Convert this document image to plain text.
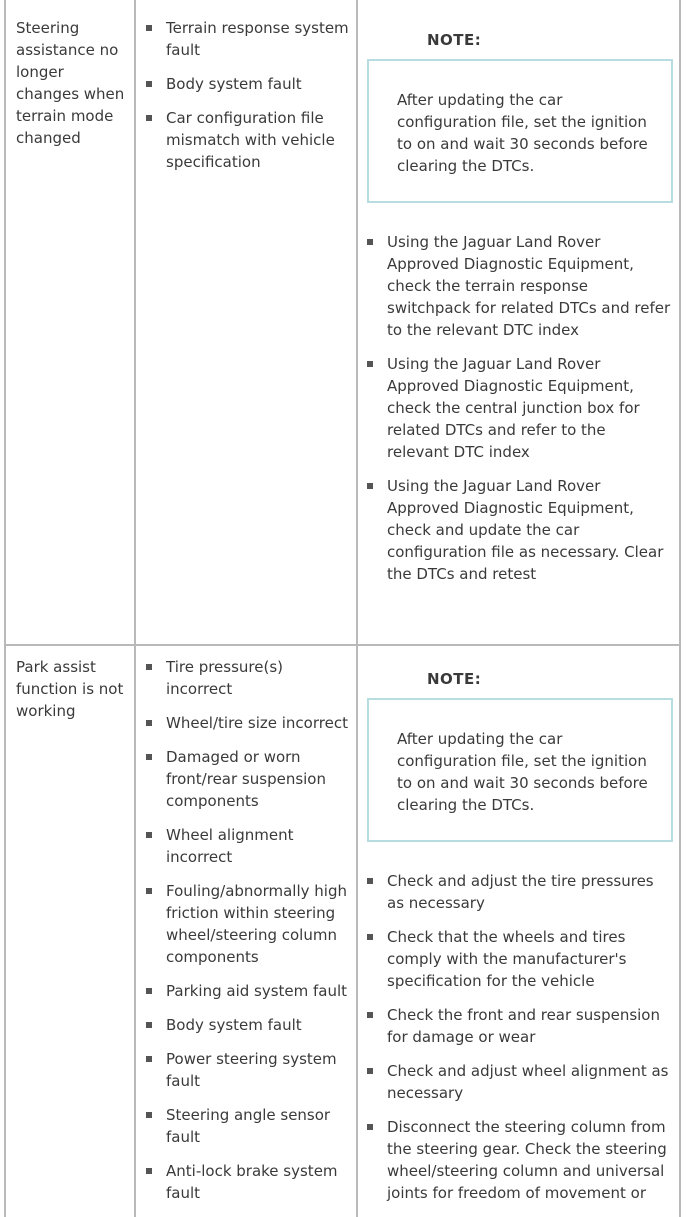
Steering assistance no longer changes when terrain mode changed
Terrain response system fault
Body system fault
Car configuration file mismatch with vehicle specification
NOTE:
After updating the car configuration file, set the ignition to on and wait 30 seconds before clearing the DTCs.
Using the Jaguar Land Rover Approved Diagnostic Equipment, check the terrain response switchpack for related DTCs and refer to the relevant DTC index
Using the Jaguar Land Rover Approved Diagnostic Equipment, check the central junction box for related DTCs and refer to the relevant DTC index
Using the Jaguar Land Rover Approved Diagnostic Equipment, check and update the car configuration file as necessary. Clear the DTCs and retest
Park assist function is not working
Tire pressure(s) incorrect
Wheel/tire size incorrect
Damaged or worn front/rear suspension components
Wheel alignment incorrect
Fouling/abnormally high friction within steering wheel/steering column components
Parking aid system fault
Body system fault
Power steering system fault
Steering angle sensor fault
Anti-lock brake system fault
NOTE:
After updating the car configuration file, set the ignition to on and wait 30 seconds before clearing the DTCs.
Check and adjust the tire pressures as necessary
Check that the wheels and tires comply with the manufacturer's specification for the vehicle
Check the front and rear suspension for damage or wear
Check and adjust wheel alignment as necessary
Disconnect the steering column from the steering gear. Check the steering wheel/steering column and universal joints for freedom of movement or
